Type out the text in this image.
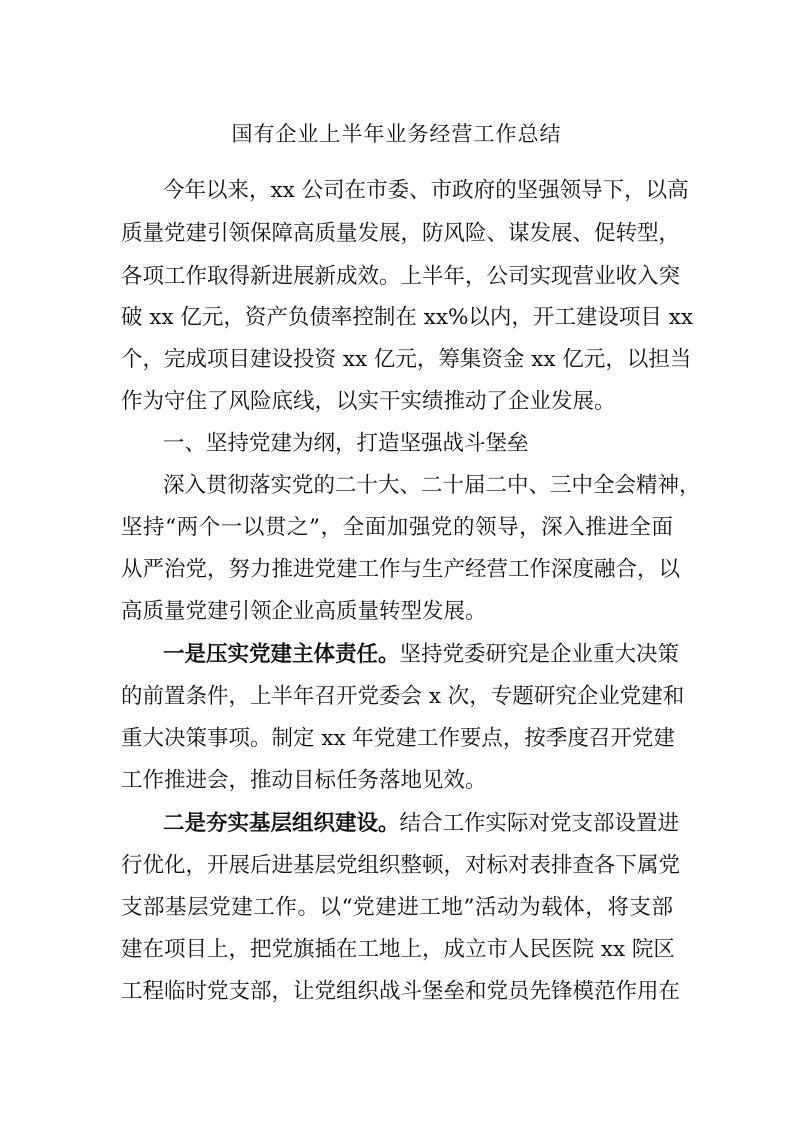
国有企业上半年业务经营工作总结
今年以来，xx 公司在市委、市政府的坚强领导下，以高
质量党建引领保障高质量发展，防风险、谋发展、促转型，
各项工作取得新进展新成效。上半年，公司实现营业收入突
破 xx 亿元，资产负债率控制在 xx%以内，开工建设项目 xx
个，完成项目建设投资 xx 亿元，筹集资金 xx 亿元，以担当
作为守住了风险底线，以实干实绩推动了企业发展。
一、坚持党建为纲，打造坚强战斗堡垒
深入贯彻落实党的二十大、二十届二中、三中全会精神，
坚持“两个一以贯之”，全面加强党的领导，深入推进全面
从严治党，努力推进党建工作与生产经营工作深度融合，以
高质量党建引领企业高质量转型发展。
一是压实党建主体责任。坚持党委研究是企业重大决策
的前置条件，上半年召开党委会 x 次，专题研究企业党建和
重大决策事项。制定 xx 年党建工作要点，按季度召开党建
工作推进会，推动目标任务落地见效。
二是夯实基层组织建设。结合工作实际对党支部设置进
行优化，开展后进基层党组织整顿，对标对表排查各下属党
支部基层党建工作。以“党建进工地”活动为载体，将支部
建在项目上，把党旗插在工地上，成立市人民医院 xx 院区
工程临时党支部，让党组织战斗堡垒和党员先锋模范作用在
